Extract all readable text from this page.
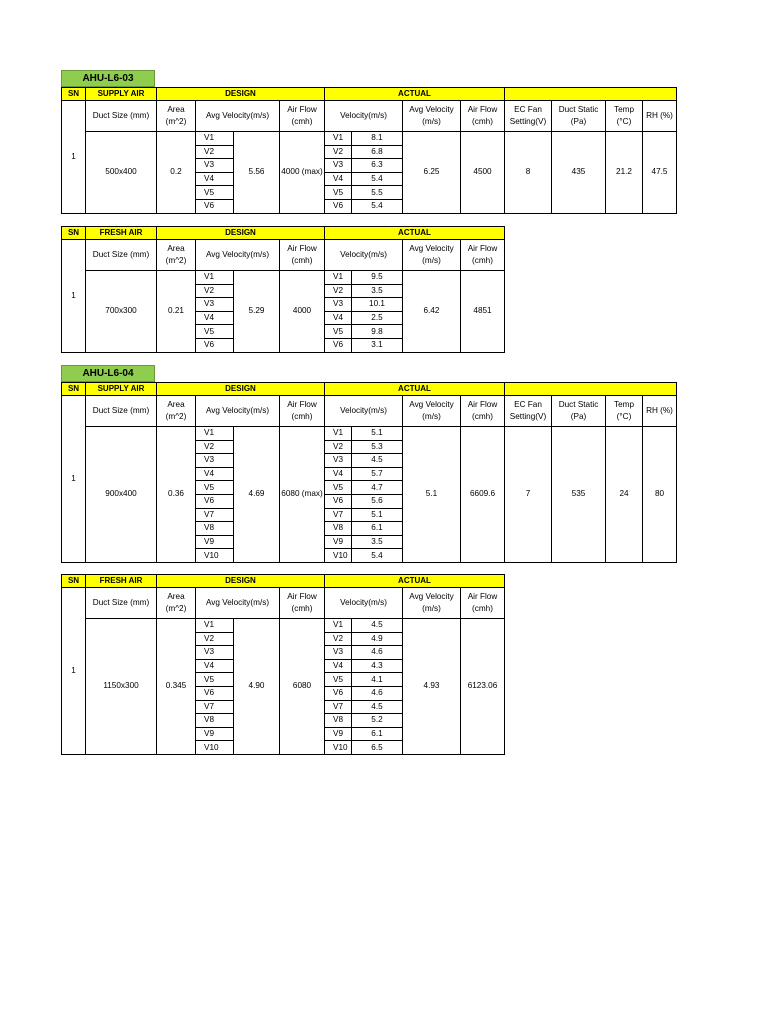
AHU-L6-03
SN	SUPPLY AIR	DESIGN				ACTUAL							
1	Duct Size (mm)	Area (m^2)	Avg Velocity(m/s)		Air Flow (cmh)	Velocity(m/s)		Avg Velocity (m/s)	Air Flow (cmh)	EC Fan Setting(V)	Duct Static (Pa)	Temp (°C)	RH (%)
	500x400	0.2	V1	5.56	4000 (max)	V1	8.1	6.25	4500	8	435	21.2	47.5
			V2			V2	6.8						
			V3			V3	6.3						
			V4			V4	5.4						
			V5			V5	5.5						
			V6			V6	5.4						
SN	FRESH AIR	DESIGN				ACTUAL			
1	Duct Size (mm)	Area (m^2)	Avg Velocity(m/s)		Air Flow (cmh)	Velocity(m/s)		Avg Velocity (m/s)	Air Flow (cmh)
	700x300	0.21	V1	5.29	4000	V1	9.5	6.42	4851
			V2			V2	3.5		
			V3			V3	10.1		
			V4			V4	2.5		
			V5			V5	9.8		
			V6			V6	3.1		
AHU-L6-04
SN	SUPPLY AIR	DESIGN				ACTUAL							
1	Duct Size (mm)	Area (m^2)	Avg Velocity(m/s)		Air Flow (cmh)	Velocity(m/s)		Avg Velocity (m/s)	Air Flow (cmh)	EC Fan Setting(V)	Duct Static (Pa)	Temp (°C)	RH (%)
	900x400	0.36	V1	4.69	6080 (max)	V1	5.1	5.1	6609.6	7	535	24	80
			V2			V2	5.3						
			V3			V3	4.5						
			V4			V4	5.7						
			V5			V5	4.7						
			V6			V6	5.6						
			V7			V7	5.1						
			V8			V8	6.1						
			V9			V9	3.5						
			V10			V10	5.4						
SN	FRESH AIR	DESIGN				ACTUAL			
1	Duct Size (mm)	Area (m^2)	Avg Velocity(m/s)		Air Flow (cmh)	Velocity(m/s)		Avg Velocity (m/s)	Air Flow (cmh)
	1150x300	0.345	V1	4.90	6080	V1	4.5	4.93	6123.06
			V2			V2	4.9		
			V3			V3	4.6		
			V4			V4	4.3		
			V5			V5	4.1		
			V6			V6	4.6		
			V7			V7	4.5		
			V8			V8	5.2		
			V9			V9	6.1		
			V10			V10	6.5		
